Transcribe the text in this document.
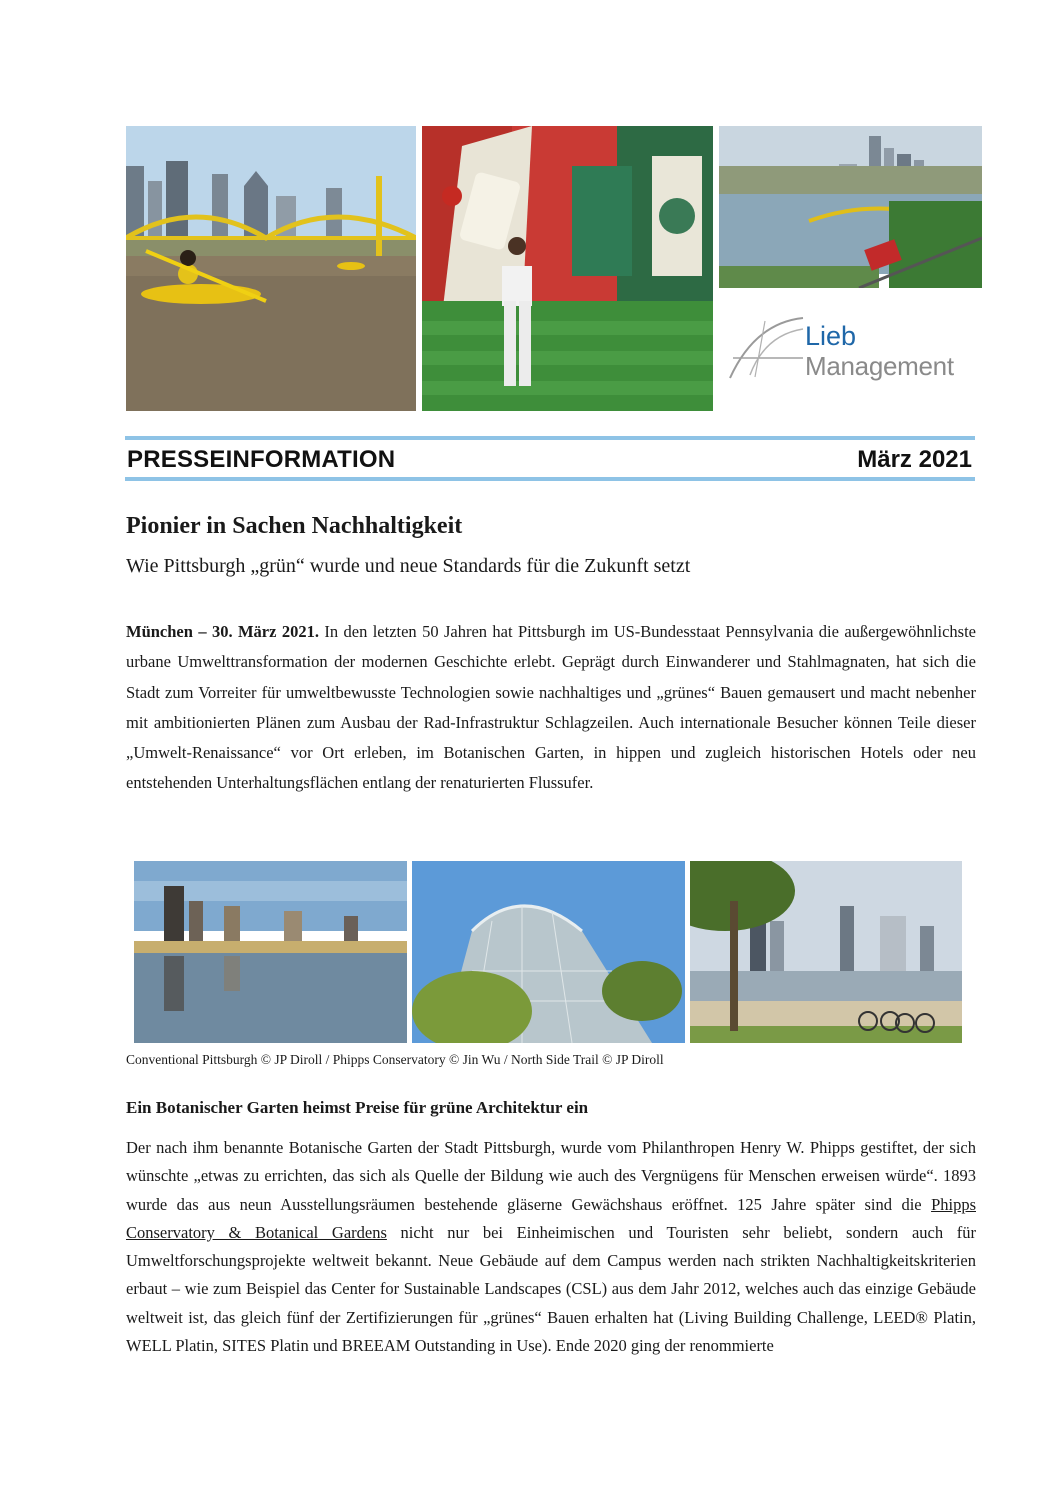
Lieb
Management
PRESSEINFORMATION	März 2021
Pionier in Sachen Nachhaltigkeit
Wie Pittsburgh „grün“ wurde und neue Standards für die Zukunft setzt
München – 30. März 2021. In den letzten 50 Jahren hat Pittsburgh im US-Bundesstaat Pennsylvania die außergewöhnlichste urbane Umwelttransformation der modernen Geschichte erlebt. Geprägt durch Einwanderer und Stahlmagnaten, hat sich die Stadt zum Vorreiter für umweltbewusste Technologien sowie nachhaltiges und „grünes“ Bauen gemausert und macht nebenher mit ambitionierten Plänen zum Ausbau der Rad-Infrastruktur Schlagzeilen. Auch internationale Besucher können Teile dieser „Umwelt-Renaissance“ vor Ort erleben, im Botanischen Garten, in hippen und zugleich historischen Hotels oder neu entstehenden Unterhaltungsflächen entlang der renaturierten Flussufer.
Conventional Pittsburgh © JP Diroll / Phipps Conservatory © Jin Wu / North Side Trail © JP Diroll
Ein Botanischer Garten heimst Preise für grüne Architektur ein
Der nach ihm benannte Botanische Garten der Stadt Pittsburgh, wurde vom Philanthropen Henry W. Phipps gestiftet, der sich wünschte „etwas zu errichten, das sich als Quelle der Bildung wie auch des Vergnügens für Menschen erweisen würde“. 1893 wurde das aus neun Ausstellungsräumen bestehende gläserne Gewächshaus eröffnet. 125 Jahre später sind die Phipps Conservatory & Botanical Gardens nicht nur bei Einheimischen und Touristen sehr beliebt, sondern auch für Umweltforschungsprojekte weltweit bekannt. Neue Gebäude auf dem Campus werden nach strikten Nachhaltigkeitskriterien erbaut – wie zum Beispiel das Center for Sustainable Landscapes (CSL) aus dem Jahr 2012, welches auch das einzige Gebäude weltweit ist, das gleich fünf der Zertifizierungen für „grünes“ Bauen erhalten hat (Living Building Challenge, LEED® Platin, WELL Platin, SITES Platin und BREEAM Outstanding in Use). Ende 2020 ging der renommierte
